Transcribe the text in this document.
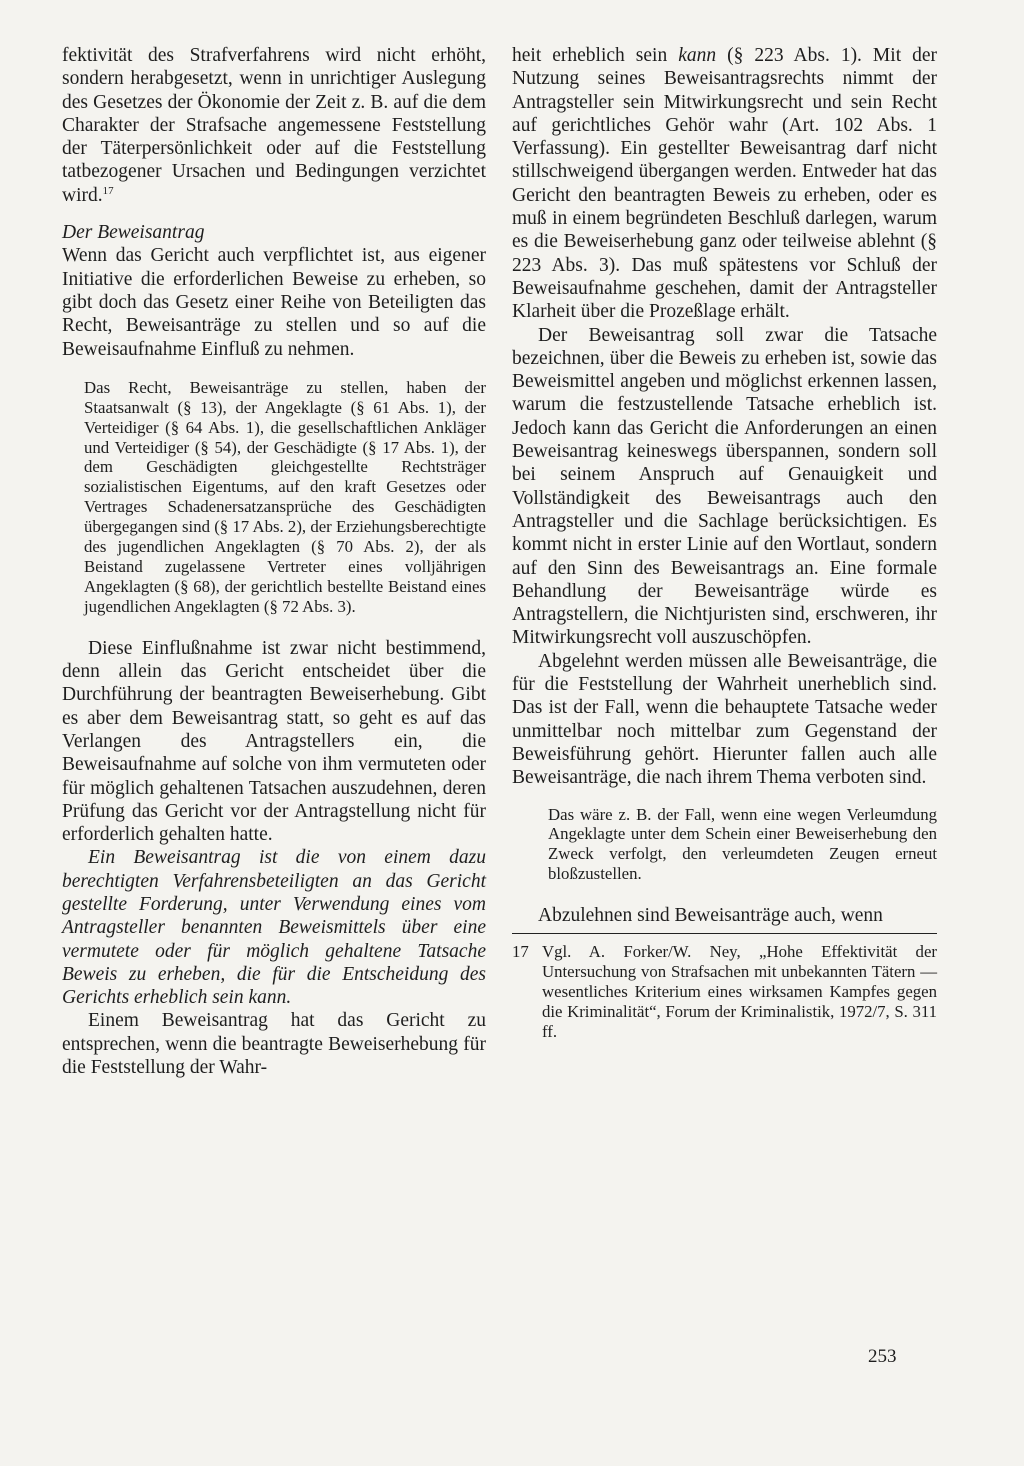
fektivität des Strafverfahrens wird nicht erhöht, sondern herabgesetzt, wenn in unrichtiger Auslegung des Gesetzes der Ökonomie der Zeit z. B. auf die dem Charakter der Strafsache angemessene Feststellung der Täterpersönlichkeit oder auf die Feststellung tatbezogener Ursachen und Bedingungen verzichtet wird.$^{17}$

Der Beweisantrag

Wenn das Gericht auch verpflichtet ist, aus eigener Initiative die erforderlichen Beweise zu erheben, so gibt doch das Gesetz einer Reihe von Beteiligten das Recht, Beweisanträge zu stellen und so auf die Beweisaufnahme Einfluß zu nehmen.

Das Recht, Beweisanträge zu stellen, haben der Staatsanwalt (§ 13), der Angeklagte (§ 61 Abs. 1), der Verteidiger (§ 64 Abs. 1), die gesellschaftlichen Ankläger und Verteidiger (§ 54), der Geschädigte (§ 17 Abs. 1), der dem Geschädigten gleichgestellte Rechtsträger sozialistischen Eigentums, auf den kraft Gesetzes oder Vertrages Schadenersatzansprüche des Geschädigten übergegangen sind (§ 17 Abs. 2), der Erziehungsberechtigte des jugendlichen Angeklagten (§ 70 Abs. 2), der als Beistand zugelassene Vertreter eines volljährigen Angeklagten (§ 68), der gerichtlich bestellte Beistand eines jugendlichen Angeklagten (§ 72 Abs. 3).

Diese Einflußnahme ist zwar nicht bestimmend, denn allein das Gericht entscheidet über die Durchführung der beantragten Beweiserhebung. Gibt es aber dem Beweisantrag statt, so geht es auf das Verlangen des Antragstellers ein, die Beweisaufnahme auf solche von ihm vermuteten oder für möglich gehaltenen Tatsachen auszudehnen, deren Prüfung das Gericht vor der Antragstellung nicht für erforderlich gehalten hatte.

Ein Beweisantrag ist die von einem dazu berechtigten Verfahrensbeteiligten an das Gericht gestellte Forderung, unter Verwendung eines vom Antragsteller benannten Beweismittels über eine vermutete oder für möglich gehaltene Tatsache Beweis zu erheben, die für die Entscheidung des Gerichts erheblich sein kann.

Einem Beweisantrag hat das Gericht zu entsprechen, wenn die beantragte Beweiserhebung für die Feststellung der Wahr-

heit erheblich sein kann (§ 223 Abs. 1). Mit der Nutzung seines Beweisantragsrechts nimmt der Antragsteller sein Mitwirkungsrecht und sein Recht auf gerichtliches Gehör wahr (Art. 102 Abs. 1 Verfassung). Ein gestellter Beweisantrag darf nicht stillschweigend übergangen werden. Entweder hat das Gericht den beantragten Beweis zu erheben, oder es muß in einem begründeten Beschluß darlegen, warum es die Beweiserhebung ganz oder teilweise ablehnt (§ 223 Abs. 3). Das muß spätestens vor Schluß der Beweisaufnahme geschehen, damit der Antragsteller Klarheit über die Prozeßlage erhält.

Der Beweisantrag soll zwar die Tatsache bezeichnen, über die Beweis zu erheben ist, sowie das Beweismittel angeben und möglichst erkennen lassen, warum die festzustellende Tatsache erheblich ist. Jedoch kann das Gericht die Anforderungen an einen Beweisantrag keineswegs überspannen, sondern soll bei seinem Anspruch auf Genauigkeit und Vollständigkeit des Beweisantrags auch den Antragsteller und die Sachlage berücksichtigen. Es kommt nicht in erster Linie auf den Wortlaut, sondern auf den Sinn des Beweisantrags an. Eine formale Behandlung der Beweisanträge würde es Antragstellern, die Nichtjuristen sind, erschweren, ihr Mitwirkungsrecht voll auszuschöpfen.

Abgelehnt werden müssen alle Beweisanträge, die für die Feststellung der Wahrheit unerheblich sind. Das ist der Fall, wenn die behauptete Tatsache weder unmittelbar noch mittelbar zum Gegenstand der Beweisführung gehört. Hierunter fallen auch alle Beweisanträge, die nach ihrem Thema verboten sind.

Das wäre z. B. der Fall, wenn eine wegen Verleumdung Angeklagte unter dem Schein einer Beweiserhebung den Zweck verfolgt, den verleumdeten Zeugen erneut bloßzustellen.

Abzulehnen sind Beweisanträge auch, wenn

17 Vgl. A. Forker/W. Ney, „Hohe Effektivität der Untersuchung von Strafsachen mit unbekannten Tätern — wesentliches Kriterium eines wirksamen Kampfes gegen die Kriminalität“, Forum der Kriminalistik, 1972/7, S. 311 ff.
253
